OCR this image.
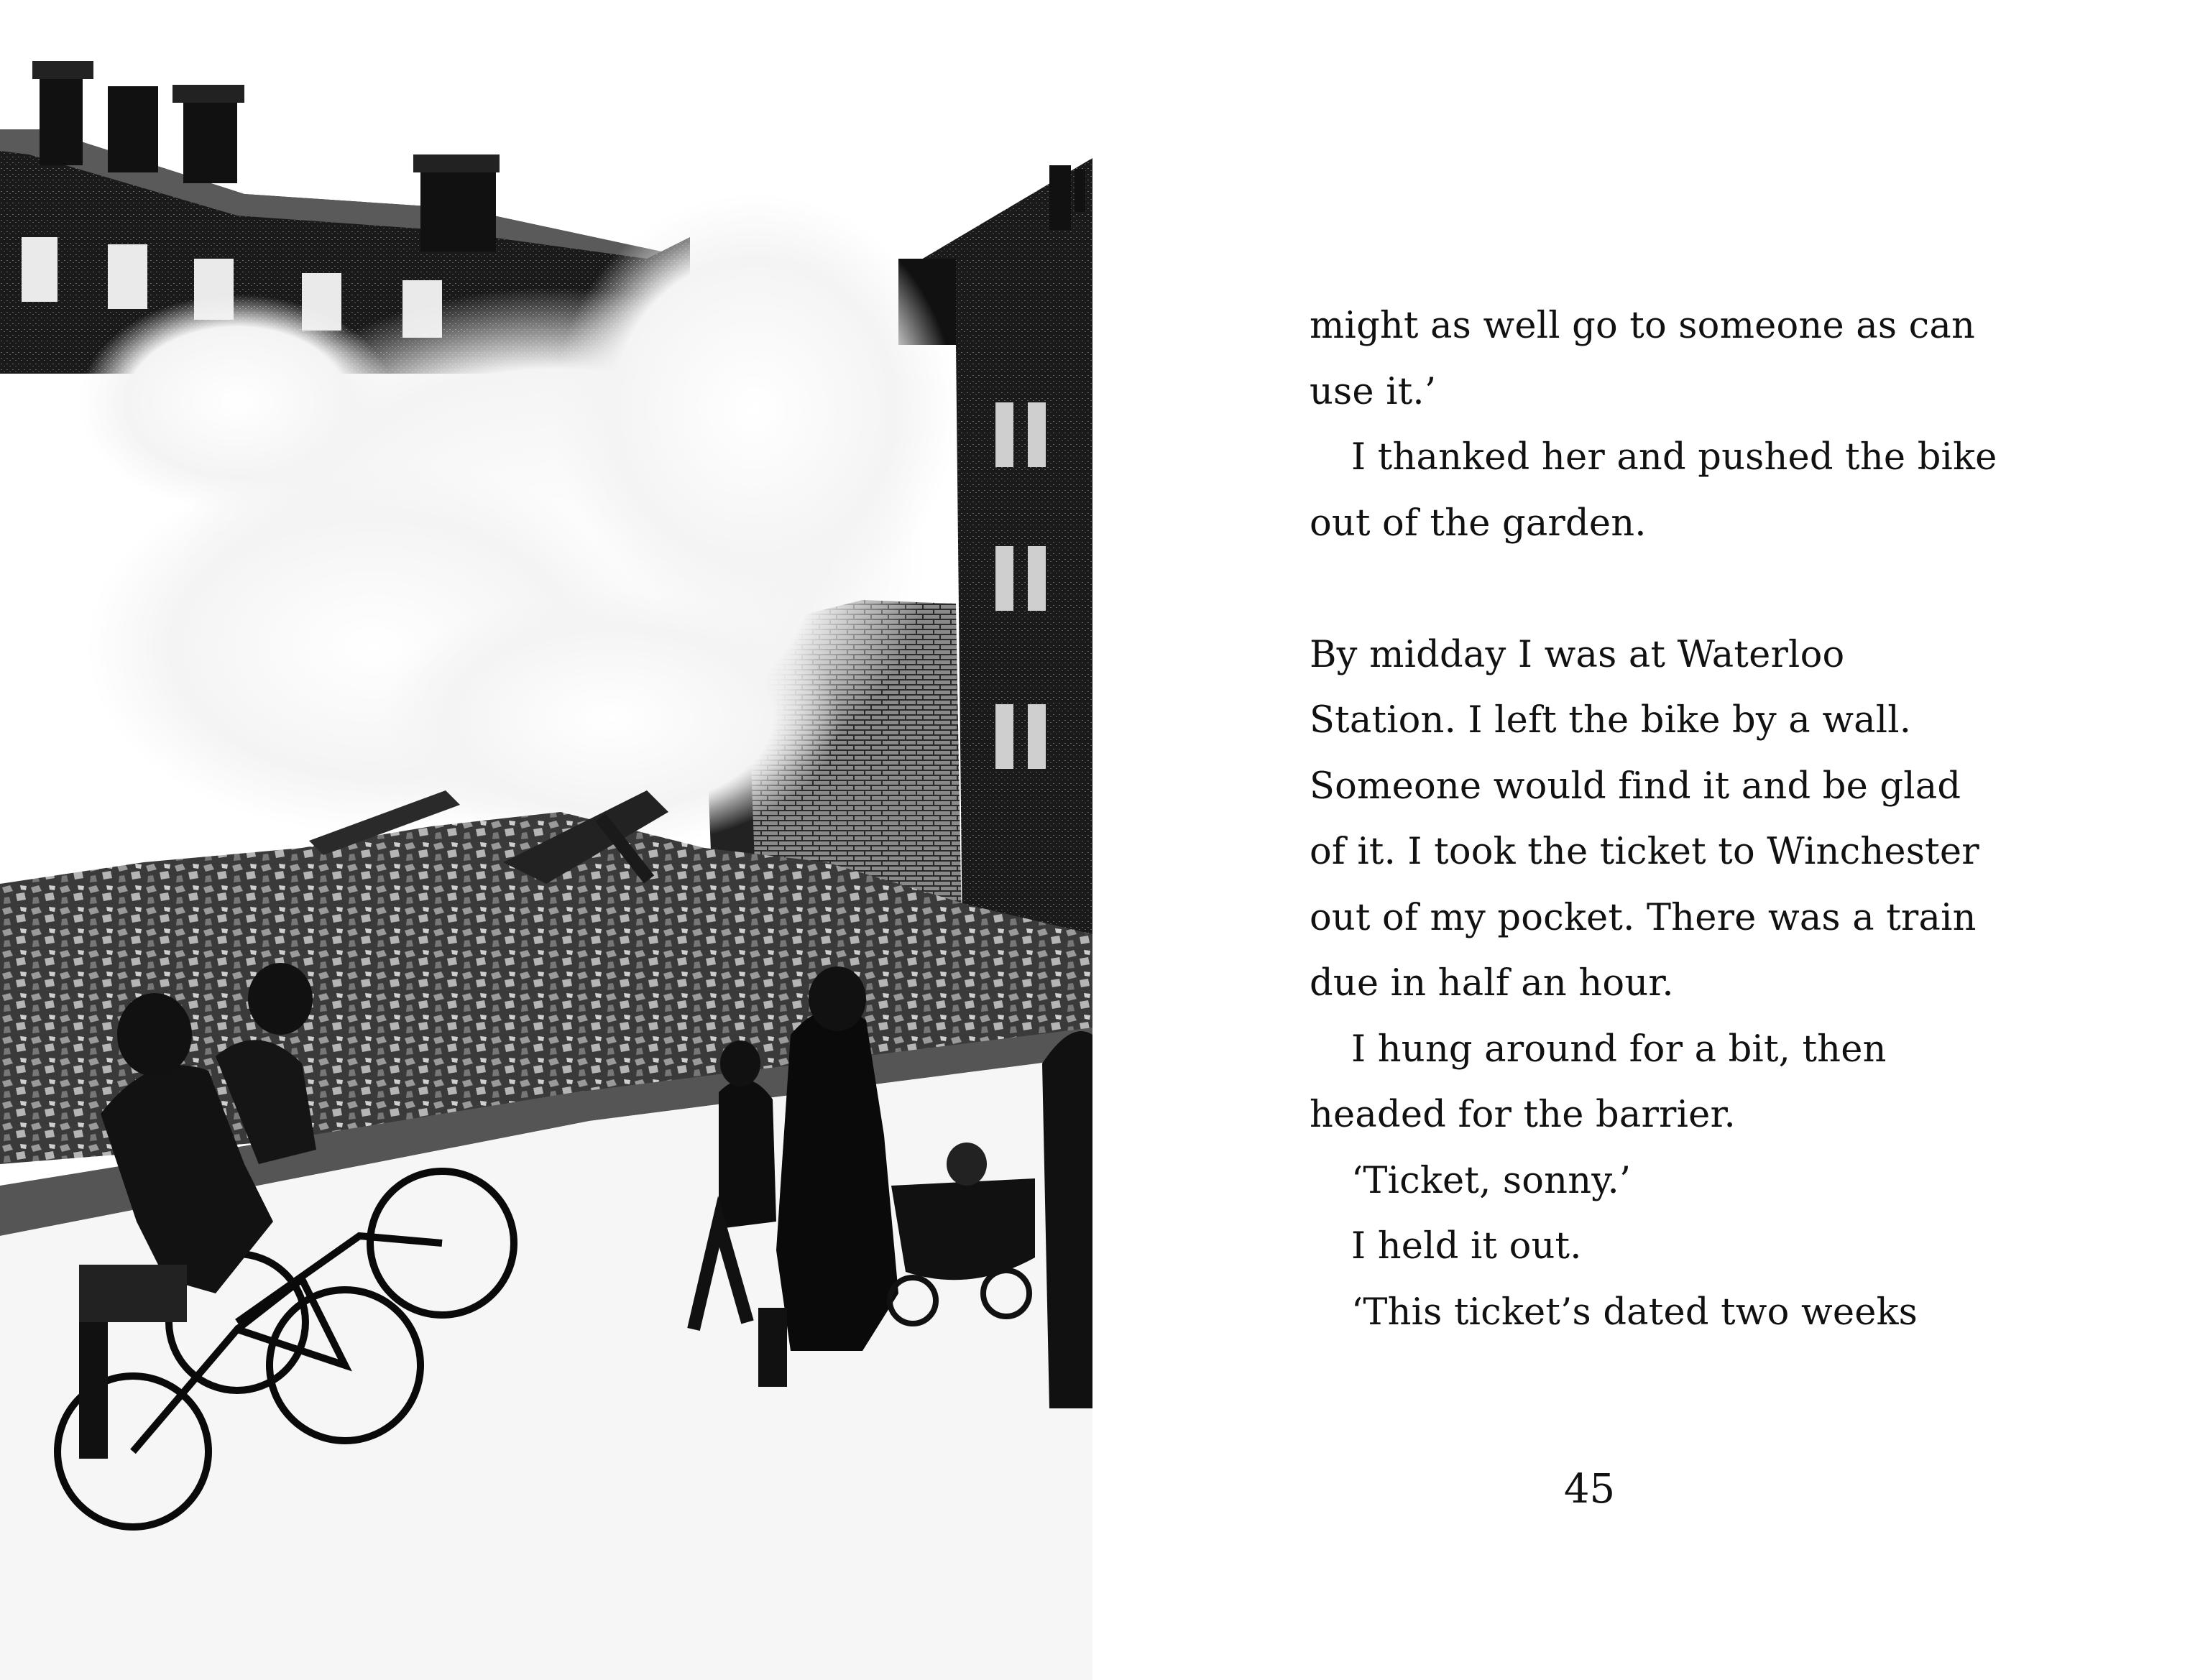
might as well go to someone as can
use it.’
I thanked her and pushed the bike
out of the garden.
By midday I was at Waterloo
Station. I left the bike by a wall.
Someone would find it and be glad
of it. I took the ticket to Winchester
out of my pocket. There was a train
due in half an hour.
I hung around for a bit, then
headed for the barrier.
‘Ticket, sonny.’
I held it out.
‘This ticket’s dated two weeks
45
